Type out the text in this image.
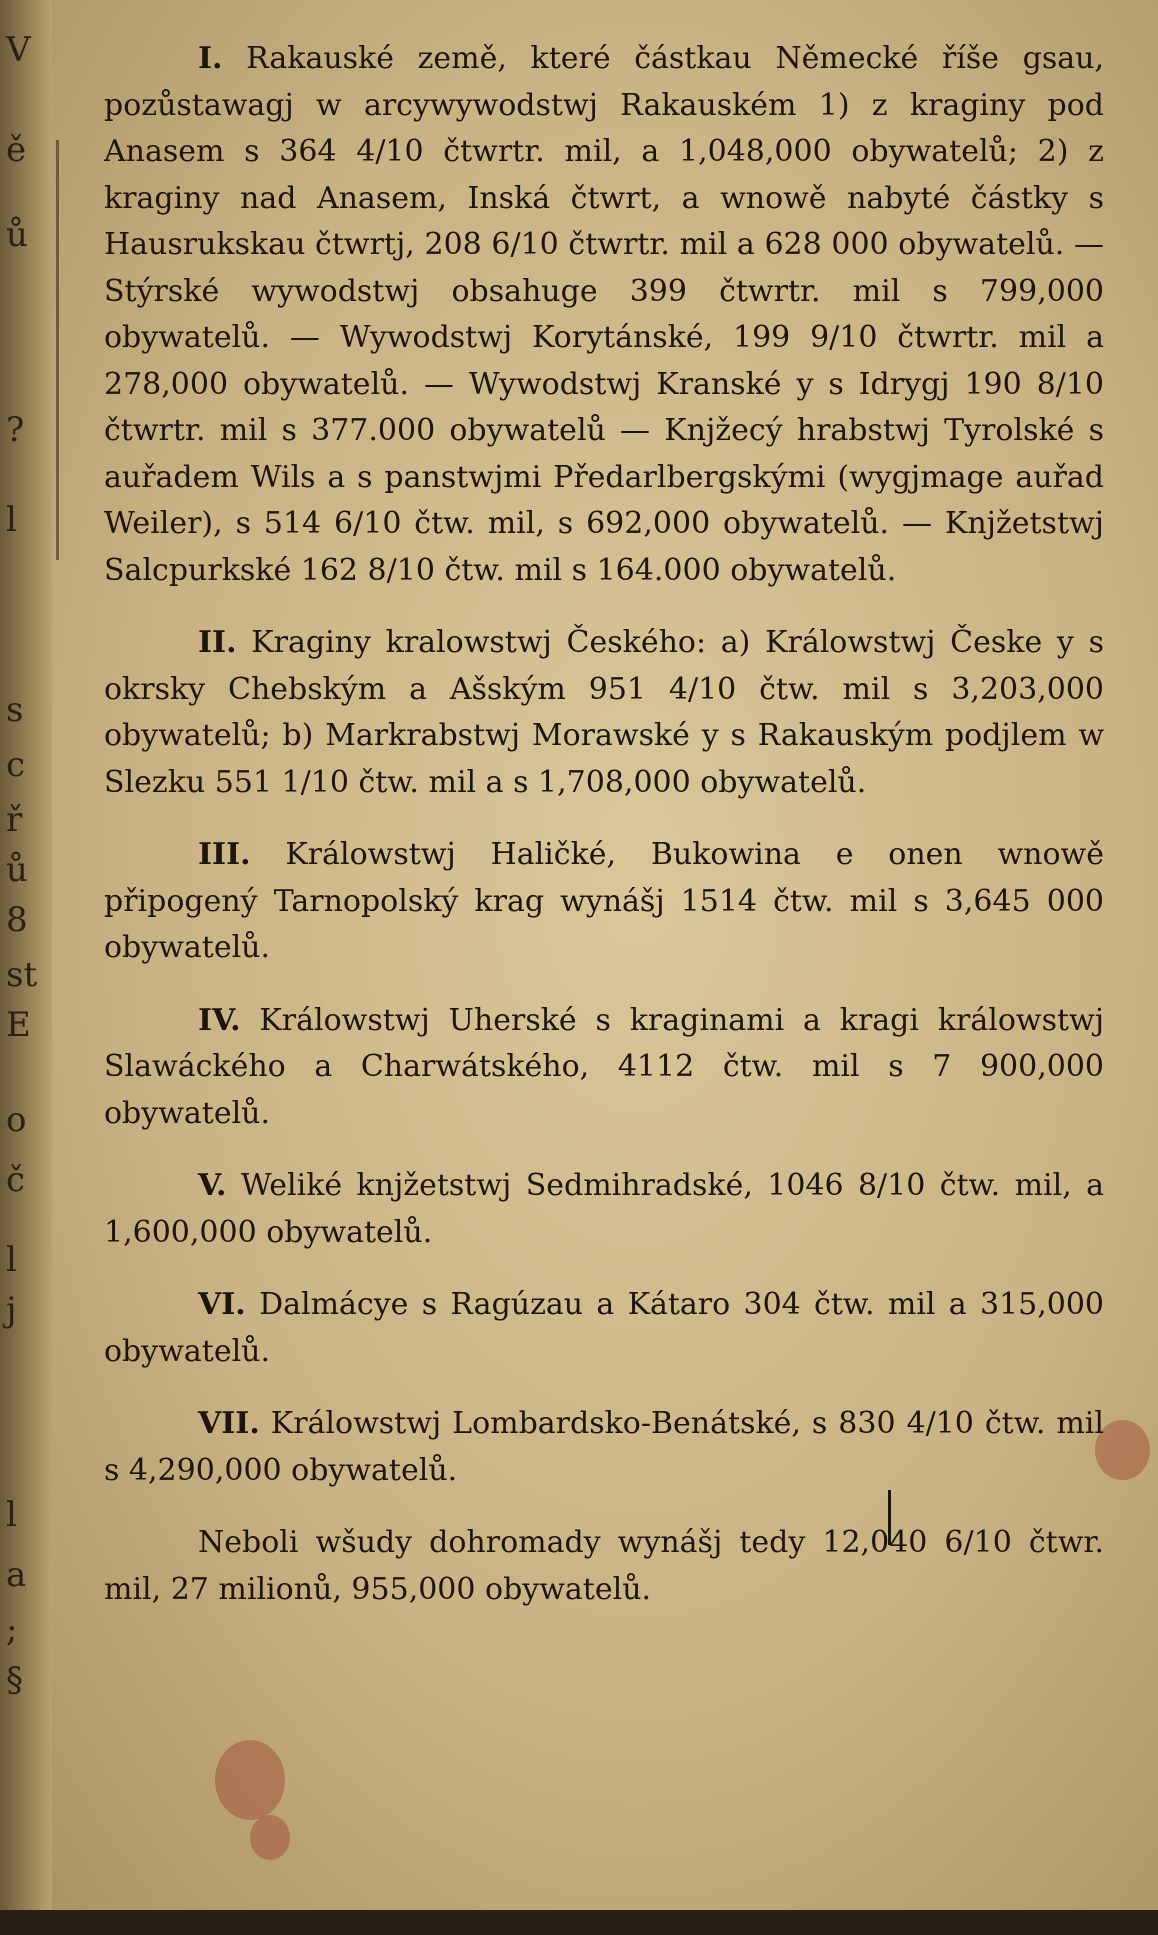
V
ě
ů
?
l
s
c
ř
ů
8
st
E
o
č
l
j
l
a
;
§

I. Rakauské země, které částkau Německé říše gsau, pozůstawagj w arcywywodstwj Rakauském 1) z kraginy pod Anasem s 364 4/10 čtwrtr. mil, a 1,048,000 obywatelů; 2) z kraginy nad Anasem, Inská čtwrt, a wnowě nabyté částky s Hausrukskau čtwrtj, 208 6/10 čtwrtr. mil a 628 000 obywatelů. — Stýrské wywodstwj obsahuge 399 čtwrtr. mil s 799,000 obywatelů. — Wywodstwj Korytánské, 199 9/10 čtwrtr. mil a 278,000 obywatelů. — Wywodstwj Kranské y s Idrygj 190 8/10 čtwrtr. mil s 377.000 obywatelů — Knjžecý hrabstwj Tyrolské s auřadem Wils a s panstwjmi Předarlbergskými (wygjmage auřad Weiler), s 514 6/10 čtw. mil, s 692,000 obywatelů. — Knjžetstwj Salcpurkské 162 8/10 čtw. mil s 164.000 obywatelů.

II. Kraginy kralowstwj Českého: a) Králowstwj Česke y s okrsky Chebským a Ašským 951 4/10 čtw. mil s 3,203,000 obywatelů; b) Markrabstwj Morawské y s Rakauským podjlem w Slezku 551 1/10 čtw. mil a s 1,708,000 obywatelů.

III. Králowstwj Haličké, Bukowina e onen wnowě připogený Tarnopolský krag wynášj 1514 čtw. mil s 3,645 000 obywatelů.

IV. Králowstwj Uherské s kraginami a kragi králowstwj Slawáckého a Charwátského, 4112 čtw. mil s 7 900,000 obywatelů.

V. Weliké knjžetstwj Sedmihradské, 1046 8/10 čtw. mil, a 1,600,000 obywatelů.

VI. Dalmácye s Ragúzau a Kátaro 304 čtw. mil a 315,000 obywatelů.

VII. Králowstwj Lombardsko-Benátské, s 830 4/10 čtw. mil s 4,290,000 obywatelů.

Neboli wšudy dohromady wynášj tedy 12,040 6/10 čtwr. mil, 27 milionů, 955,000 obywatelů.
